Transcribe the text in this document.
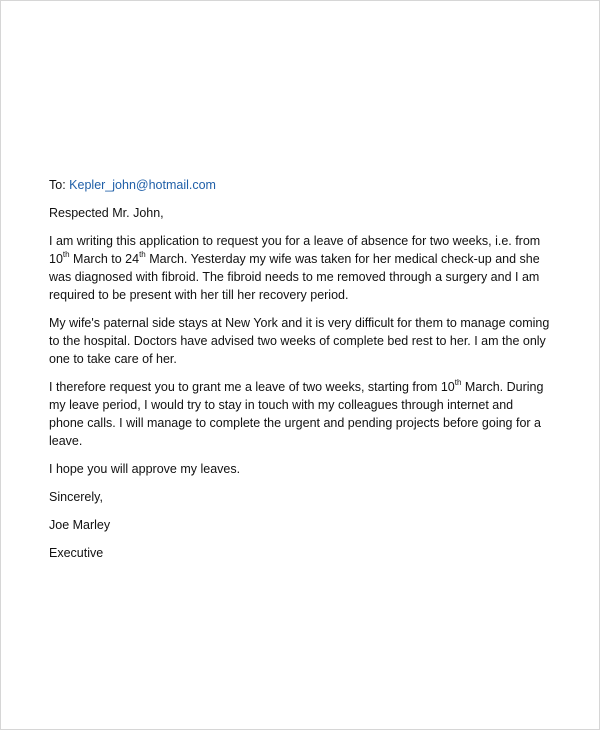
To: Kepler_john@hotmail.com

Respected Mr. John,

I am writing this application to request you for a leave of absence for two weeks, i.e. from

10th March to 24th March. Yesterday my wife was taken for her medical check-up and she

was diagnosed with fibroid. The fibroid needs to me removed through a surgery and I am

required to be present with her till her recovery period.

My wife's paternal side stays at New York and it is very difficult for them to manage coming

to the hospital. Doctors have advised two weeks of complete bed rest to her. I am the only

one to take care of her.

I therefore request you to grant me a leave of two weeks, starting from 10th March. During

my leave period, I would try to stay in touch with my colleagues through internet and

phone calls. I will manage to complete the urgent and pending projects before going for a

leave.

I hope you will approve my leaves.

Sincerely,

Joe Marley

Executive
